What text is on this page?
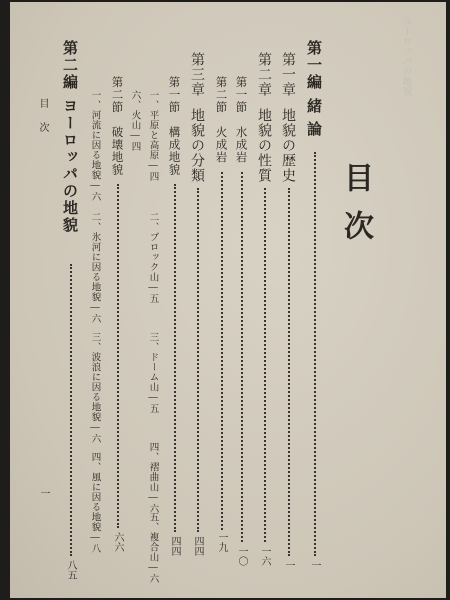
ヨーロッパの地貌
目次
第一編
緒論
一
第一章
地貌の歴史
一
第二章
地貌の性質
一六
第一節
水成岩
一〇
第二節
火成岩
一九
第三章
地貌の分類
四四
第一節
構成地貌
四四
一、平原と高原―四
二、ブロック山―五
三、ドーム山―五
四、褶曲山―六
五、複合山―六
六、火山―四
第二節
破壊地貌
六六
一、河流に因る地貌―六
二、氷河に因る地貌―六
三、波浪に因る地貌―六
四、風に因る地貌―八
第二編
ヨーロッパの地貌
八五
目次
一
